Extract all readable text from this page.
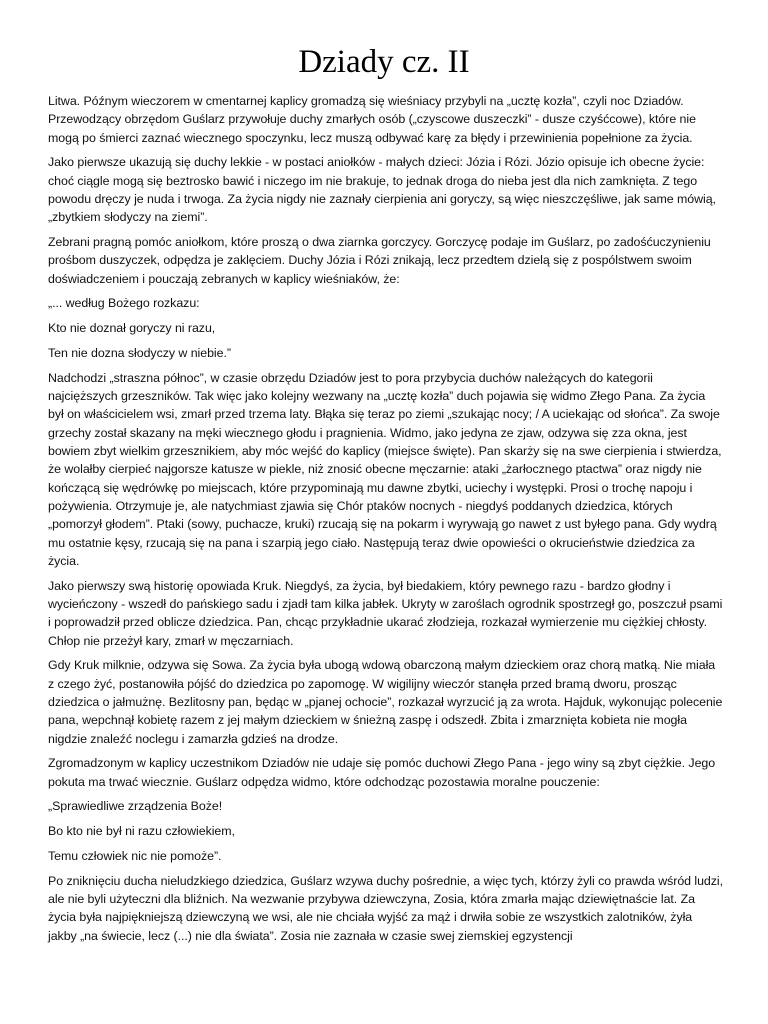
Dziady cz. II

Litwa. Późnym wieczorem w cmentarnej kaplicy gromadzą się wieśniacy przybyli na „ucztę kozła”, czyli noc Dziadów. Przewodzący obrzędom Guślarz przywołuje duchy zmarłych osób („czyscowe duszeczki” - dusze czyśćcowe), które nie mogą po śmierci zaznać wiecznego spoczynku, lecz muszą odbywać karę za błędy i przewinienia popełnione za życia.

Jako pierwsze ukazują się duchy lekkie - w postaci aniołków - małych dzieci: Józia i Rózi. Józio opisuje ich obecne życie: choć ciągle mogą się beztrosko bawić i niczego im nie brakuje, to jednak droga do nieba jest dla nich zamknięta. Z tego powodu dręczy je nuda i trwoga. Za życia nigdy nie zaznały cierpienia ani goryczy, są więc nieszczęśliwe, jak same mówią, „zbytkiem słodyczy na ziemi”.

Zebrani pragną pomóc aniołkom, które proszą o dwa ziarnka gorczycy. Gorczycę podaje im Guślarz, po zadośćuczynieniu prośbom duszyczek, odpędza je zaklęciem. Duchy Józia i Rózi znikają, lecz przedtem dzielą się z pospólstwem swoim doświadczeniem i pouczają zebranych w kaplicy wieśniaków, że:

„... według Bożego rozkazu:

Kto nie doznał goryczy ni razu,

Ten nie dozna słodyczy w niebie.”

Nadchodzi „straszna północ”, w czasie obrzędu Dziadów jest to pora przybycia duchów należących do kategorii najcięższych grzeszników. Tak więc jako kolejny wezwany na „ucztę kozła” duch pojawia się widmo Złego Pana. Za życia był on właścicielem wsi, zmarł przed trzema laty. Błąka się teraz po ziemi „szukając nocy; / A uciekając od słońca”. Za swoje grzechy został skazany na męki wiecznego głodu i pragnienia. Widmo, jako jedyna ze zjaw, odzywa się zza okna, jest bowiem zbyt wielkim grzesznikiem, aby móc wejść do kaplicy (miejsce święte). Pan skarży się na swe cierpienia i stwierdza, że wolałby cierpieć najgorsze katusze w piekle, niż znosić obecne męczarnie: ataki „żarłocznego ptactwa” oraz nigdy nie kończącą się wędrówkę po miejscach, które przypominają mu dawne zbytki, uciechy i występki. Prosi o trochę napoju i pożywienia. Otrzymuje je, ale natychmiast zjawia się Chór ptaków nocnych - niegdyś poddanych dziedzica, których „pomorzył głodem”. Ptaki (sowy, puchacze, kruki) rzucają się na pokarm i wyrywają go nawet z ust byłego pana. Gdy wydrą mu ostatnie kęsy, rzucają się na pana i szarpią jego ciało. Następują teraz dwie opowieści o okrucieństwie dziedzica za życia.

Jako pierwszy swą historię opowiada Kruk. Niegdyś, za życia, był biedakiem, który pewnego razu - bardzo głodny i wycieńczony - wszedł do pańskiego sadu i zjadł tam kilka jabłek. Ukryty w zaroślach ogrodnik spostrzegł go, poszczuł psami i poprowadził przed oblicze dziedzica. Pan, chcąc przykładnie ukarać złodzieja, rozkazał wymierzenie mu ciężkiej chłosty. Chłop nie przeżył kary, zmarł w męczarniach.

Gdy Kruk milknie, odzywa się Sowa. Za życia była ubogą wdową obarczoną małym dzieckiem oraz chorą matką. Nie miała z czego żyć, postanowiła pójść do dziedzica po zapomogę. W wigilijny wieczór stanęła przed bramą dworu, prosząc dziedzica o jałmużnę. Bezlitosny pan, będąc w „pjanej ochocie”, rozkazał wyrzucić ją za wrota. Hajduk, wykonując polecenie pana, wepchnął kobietę razem z jej małym dzieckiem w śnieżną zaspę i odszedł. Zbita i zmarznięta kobieta nie mogła nigdzie znaleźć noclegu i zamarzła gdzieś na drodze.

Zgromadzonym w kaplicy uczestnikom Dziadów nie udaje się pomóc duchowi Złego Pana - jego winy są zbyt ciężkie. Jego pokuta ma trwać wiecznie. Guślarz odpędza widmo, które odchodząc pozostawia moralne pouczenie:

„Sprawiedliwe zrządzenia Boże!

Bo kto nie był ni razu człowiekiem,

Temu człowiek nic nie pomoże”.

Po zniknięciu ducha nieludzkiego dziedzica, Guślarz wzywa duchy pośrednie, a więc tych, którzy żyli co prawda wśród ludzi, ale nie byli użyteczni dla bliźnich. Na wezwanie przybywa dziewczyna, Zosia, która zmarła mając dziewiętnaście lat. Za życia była najpiękniejszą dziewczyną we wsi, ale nie chciała wyjść za mąż i drwiła sobie ze wszystkich zalotników, żyła jakby „na świecie, lecz (...) nie dla świata”. Zosia nie zaznała w czasie swej ziemskiej egzystencji
